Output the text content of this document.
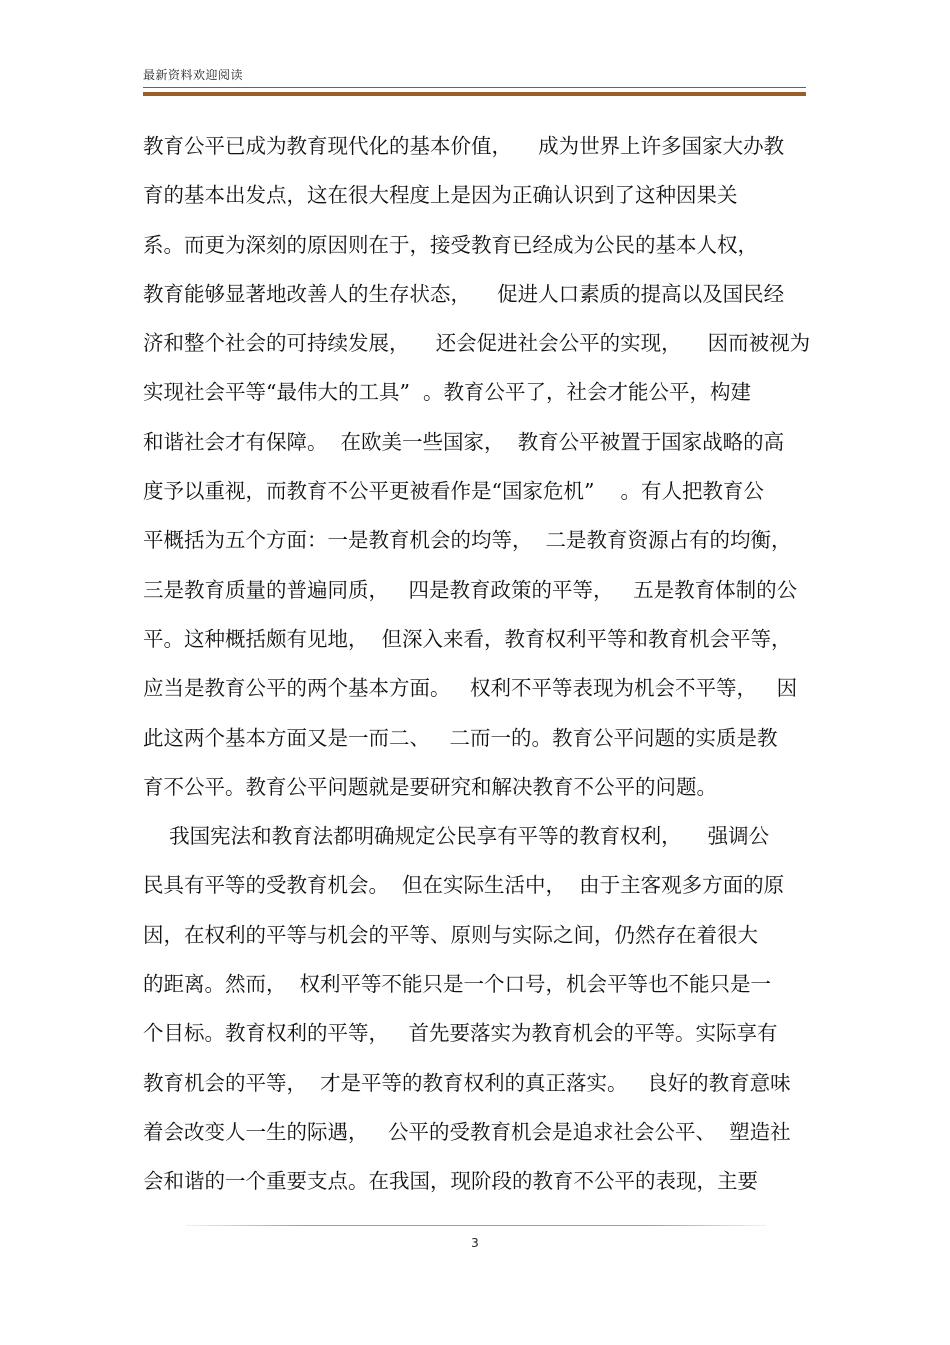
最新资料欢迎阅读
教育公平已成为教育现代化的基本价值，    成为世界上许多国家大办教
育的基本出发点，这在很大程度上是因为正确认识到了这种因果关
系。而更为深刻的原因则在于，接受教育已经成为公民的基本人权，
教育能够显著地改善人的生存状态，    促进人口素质的提高以及国民经
济和整个社会的可持续发展，    还会促进社会公平的实现，    因而被视为
实现社会平等“最伟大的工具”  。教育公平了，社会才能公平，构建
和谐社会才有保障。  在欧美一些国家，  教育公平被置于国家战略的高
度予以重视，而教育不公平更被看作是“国家危机”    。有人把教育公
平概括为五个方面：一是教育机会的均等，  二是教育资源占有的均衡，
三是教育质量的普遍同质，   四是教育政策的平等，   五是教育体制的公
平。这种概括颇有见地，  但深入来看，教育权利平等和教育机会平等，
应当是教育公平的两个基本方面。   权利不平等表现为机会不平等，   因
此这两个基本方面又是一而二、   二而一的。教育公平问题的实质是教
育不公平。教育公平问题就是要研究和解决教育不公平的问题。
我国宪法和教育法都明确规定公民享有平等的教育权利，    强调公
民具有平等的受教育机会。  但在实际生活中，  由于主客观多方面的原
因，在权利的平等与机会的平等、原则与实际之间，仍然存在着很大
的距离。然而，  权利平等不能只是一个口号，机会平等也不能只是一
个目标。教育权利的平等，   首先要落实为教育机会的平等。实际享有
教育机会的平等，  才是平等的教育权利的真正落实。   良好的教育意味
着会改变人一生的际遇，   公平的受教育机会是追求社会公平、  塑造社
会和谐的一个重要支点。在我国，现阶段的教育不公平的表现，主要
3
